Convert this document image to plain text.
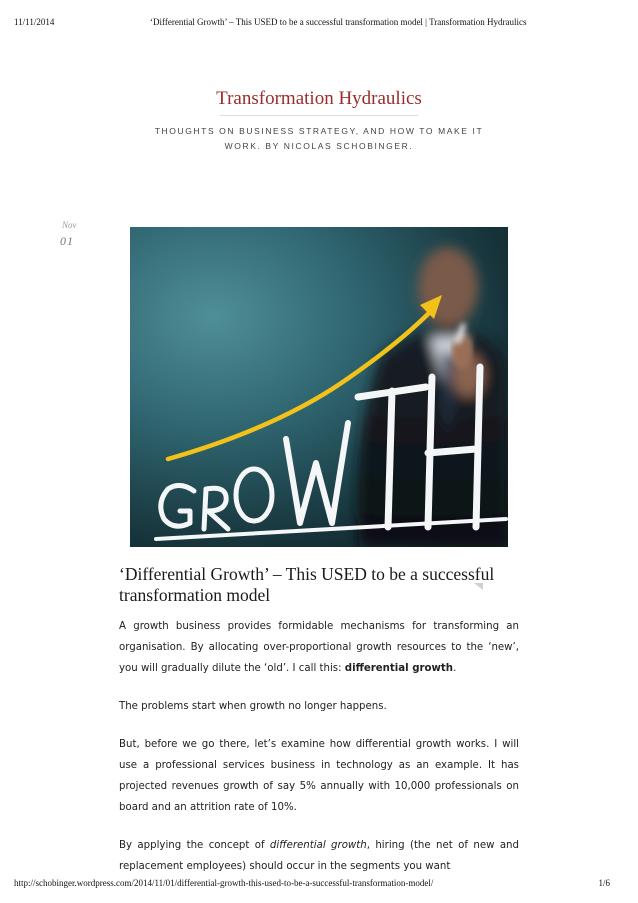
11/11/2014	‘Differential Growth’ – This USED to be a successful transformation model | Transformation Hydraulics
Transformation Hydraulics
THOUGHTS ON BUSINESS STRATEGY, AND HOW TO MAKE IT WORK. BY NICOLAS SCHOBINGER.
Nov
01
‘Differential Growth’ – This USED to be a successful transformation model

A growth business provides formidable mechanisms for transforming an organisation. By allocating over-proportional growth resources to the ‘new’, you will gradually dilute the ‘old’. I call this: differential growth.

The problems start when growth no longer happens.

But, before we go there, let’s examine how differential growth works. I will use a professional services business in technology as an example. It has projected revenues growth of say 5% annually with 10,000 professionals on board and an attrition rate of 10%.

By applying the concept of differential growth, hiring (the net of new and replacement employees) should occur in the segments you want

http://schobinger.wordpress.com/2014/11/01/differential-growth-this-used-to-be-a-successful-transformation-model/	1/6
